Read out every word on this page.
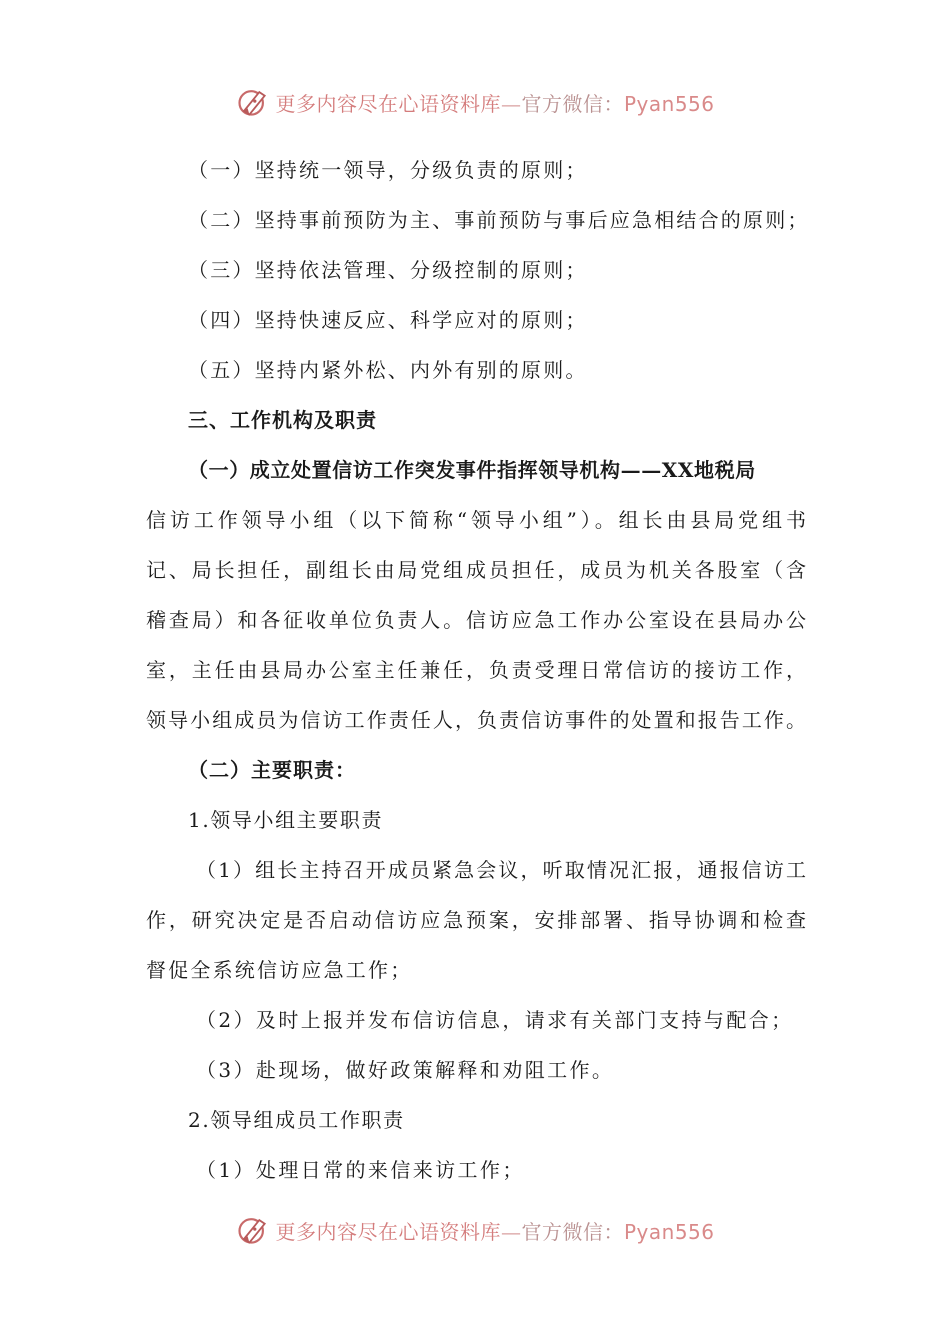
更多内容尽在心语资料库—官方微信：Pyan556
（一）坚持统一领导，分级负责的原则；
（二）坚持事前预防为主、事前预防与事后应急相结合的原则；
（三）坚持依法管理、分级控制的原则；
（四）坚持快速反应、科学应对的原则；
（五）坚持内紧外松、内外有别的原则。
三、工作机构及职责
（一）成立处置信访工作突发事件指挥领导机构——XX地税局
信访工作领导小组（以下简称“领导小组”）。组长由县局党组书
记、局长担任，副组长由局党组成员担任，成员为机关各股室（含
稽查局）和各征收单位负责人。信访应急工作办公室设在县局办公
室，主任由县局办公室主任兼任，负责受理日常信访的接访工作，
领导小组成员为信访工作责任人，负责信访事件的处置和报告工作。
（二）主要职责：
1.领导小组主要职责
（1）组长主持召开成员紧急会议，听取情况汇报，通报信访工
作，研究决定是否启动信访应急预案，安排部署、指导协调和检查
督促全系统信访应急工作；
（2）及时上报并发布信访信息，请求有关部门支持与配合；
（3）赴现场，做好政策解释和劝阻工作。
2.领导组成员工作职责
（1）处理日常的来信来访工作；
更多内容尽在心语资料库—官方微信：Pyan556
